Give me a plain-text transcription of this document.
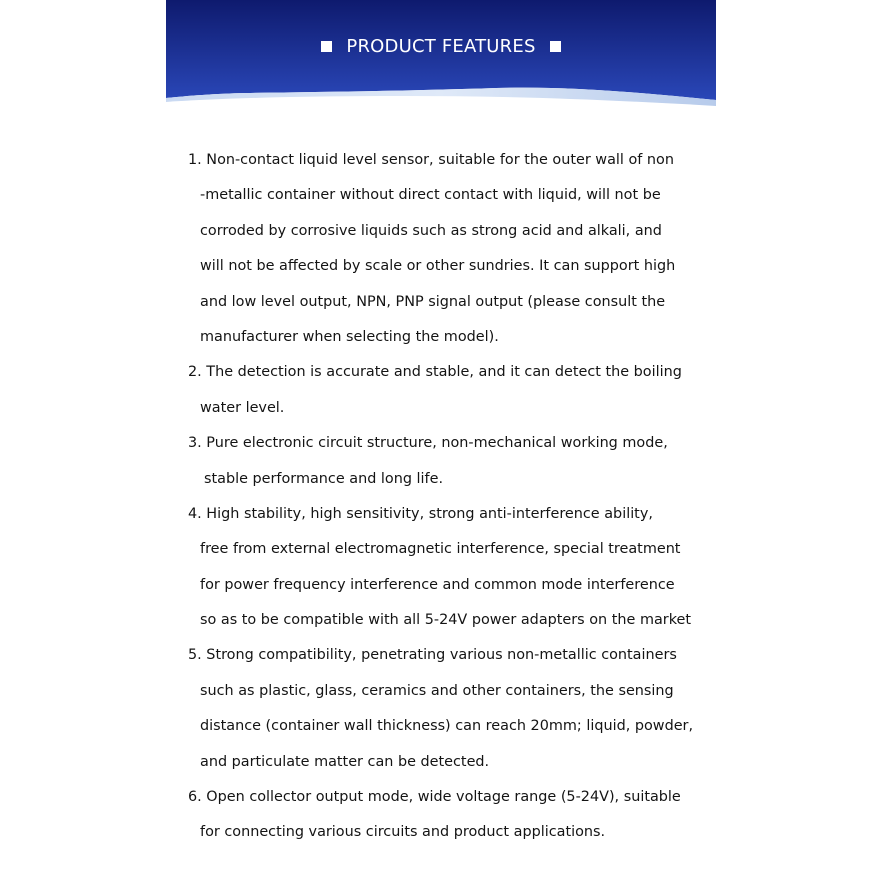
PRODUCT FEATURES
1. Non-contact liquid level sensor, suitable for the outer wall of non
-metallic container without direct contact with liquid, will not be
corroded by corrosive liquids such as strong acid and alkali, and
will not be affected by scale or other sundries. It can support high
and low level output, NPN, PNP signal output (please consult the
manufacturer when selecting the model).
2. The detection is accurate and stable, and it can detect the boiling
water level.
3. Pure electronic circuit structure, non-mechanical working mode,
stable performance and long life.
4. High stability, high sensitivity, strong anti-interference ability,
free from external electromagnetic interference, special treatment
for power frequency interference and common mode interference
so as to be compatible with all 5-24V power adapters on the market
5. Strong compatibility, penetrating various non-metallic containers
such as plastic, glass, ceramics and other containers, the sensing
distance (container wall thickness) can reach 20mm; liquid, powder,
and particulate matter can be detected.
6. Open collector output mode, wide voltage range (5-24V), suitable
for connecting various circuits and product applications.
